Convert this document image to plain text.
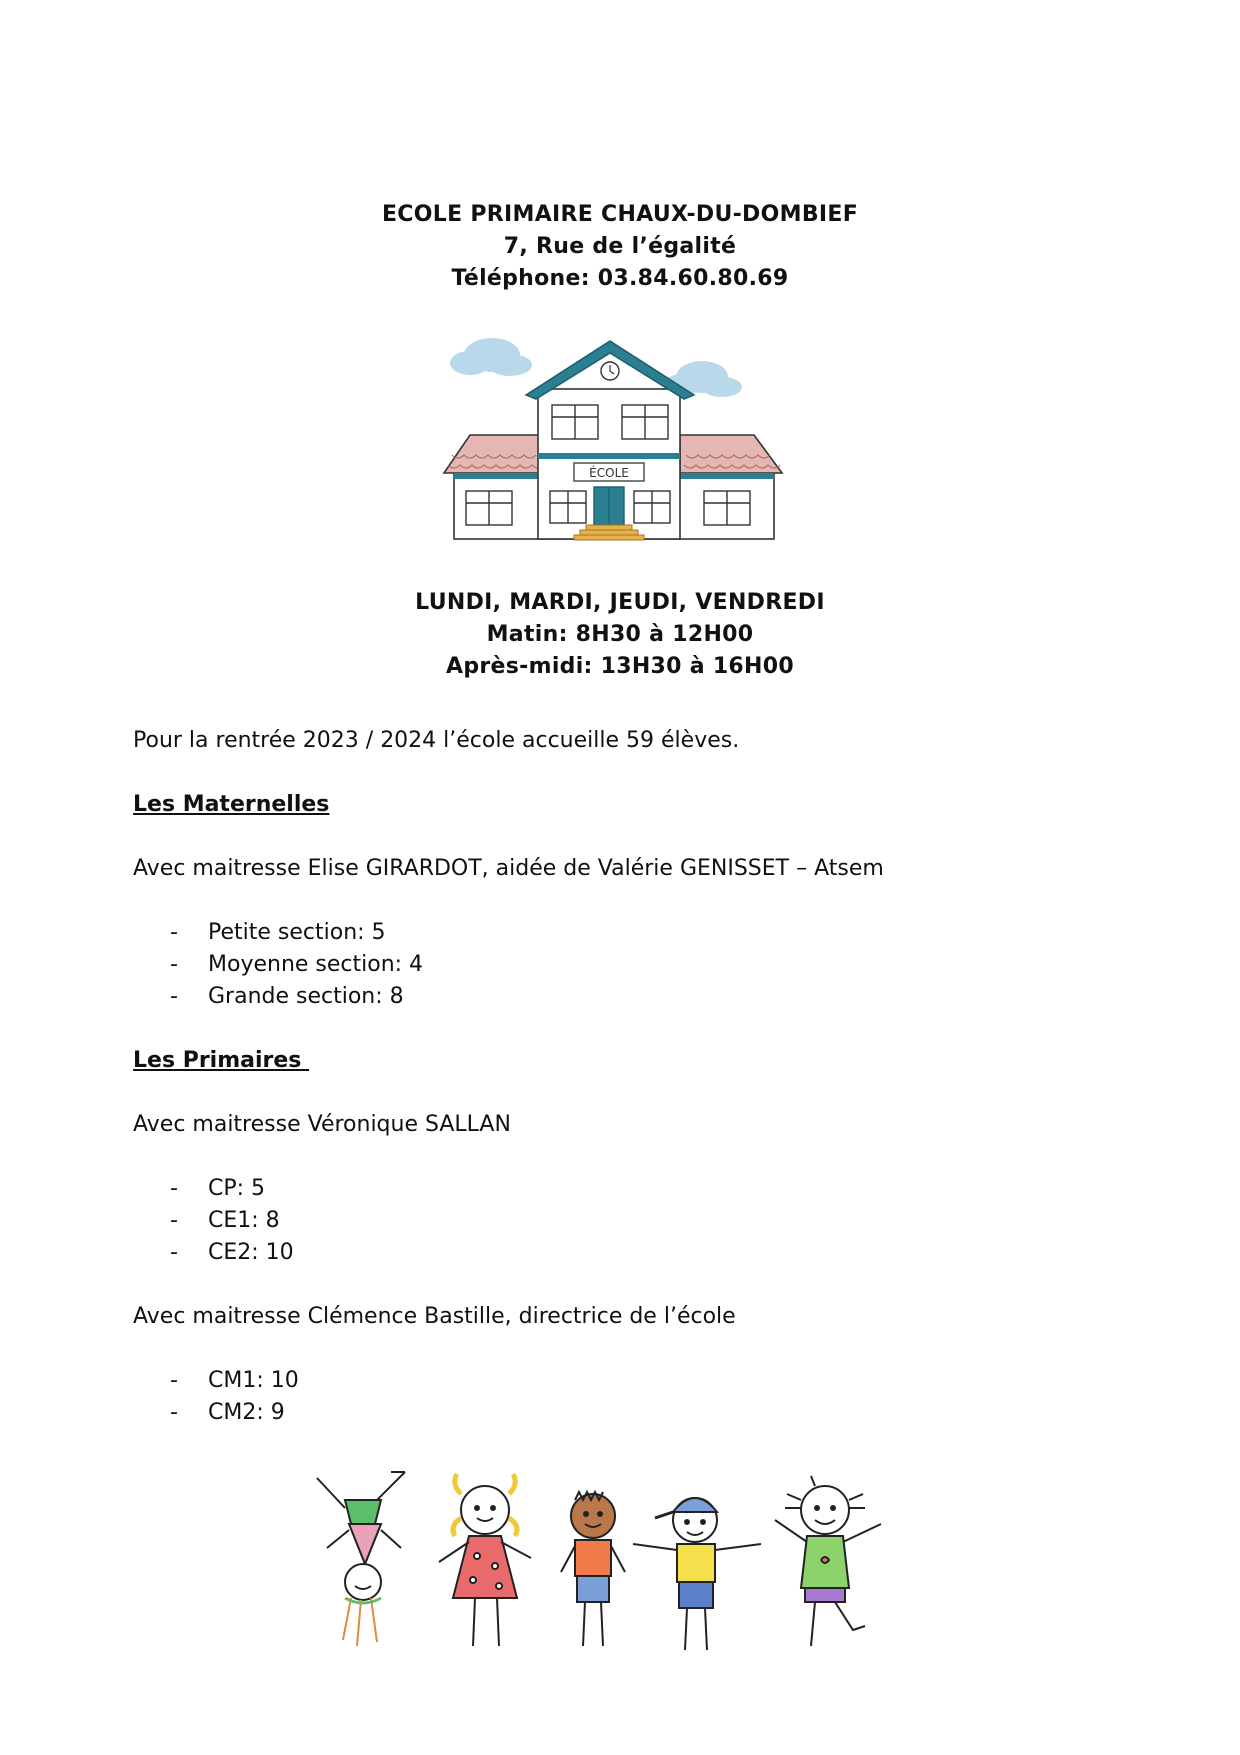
ECOLE PRIMAIRE CHAUX-DU-DOMBIEF
7, Rue de l’égalité
Téléphone: 03.84.60.80.69
ÉCOLE
LUNDI, MARDI, JEUDI, VENDREDI
Matin: 8H30 à 12H00
Après-midi: 13H30 à 16H00
Pour la rentrée 2023 / 2024 l’école accueille 59 élèves.
Les Maternelles
Avec maitresse Elise GIRARDOT, aidée de Valérie GENISSET – Atsem
- Petite section: 5
- Moyenne section: 4
- Grande section: 8
Les Primaires
Avec maitresse Véronique SALLAN
- CP: 5
- CE1: 8
- CE2: 10
Avec maitresse Clémence Bastille, directrice de l’école
- CM1: 10
- CM2: 9
